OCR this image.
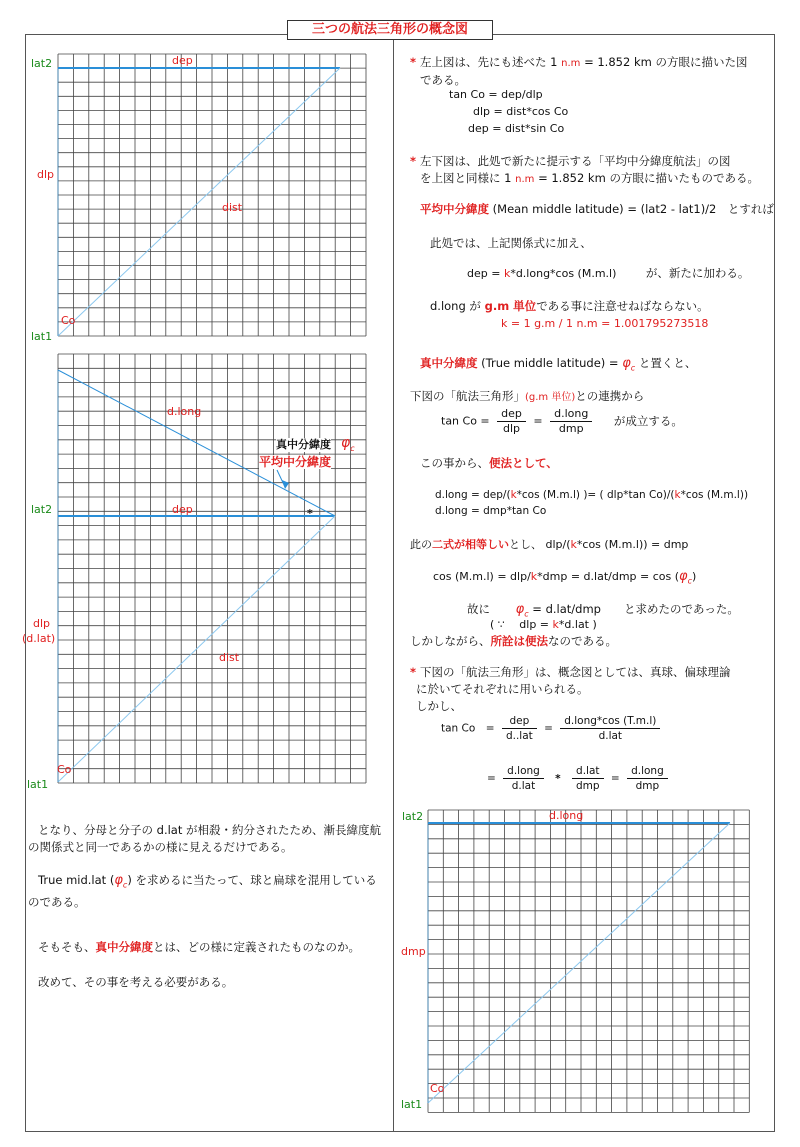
三つの航法三角形の概念図
lat2
lat1
dep
dlp
dist
Co
lat2
lat1
d.long
真中分緯度 $\varphi_c$
平均中分緯度
dep	*
dlp
(d.lat)
dist
Co
lat2
lat1
d.long
dmp
Co
* 左上図は、先にも述べた 1 n.m = 1.852 km の方眼に描いた図
である。
tan Co = dep/dlp
dlp = dist*cos Co
dep = dist*sin Co
* 左下図は、此処で新たに提示する「平均中分緯度航法」の図
を上図と同様に 1 n.m = 1.852 km の方眼に描いたものである。
平均中分緯度 (Mean middle latitude) = (lat2 - lat1)/2　とすれば
此処では、上記関係式に加え、
dep = k*d.long*cos (M.m.l)	が、新たに加わる。
d.long が g.m 単位である事に注意せねばならない。
k = 1 g.m / 1 n.m = 1.001795273518
真中分緯度 (True middle latitude) = $\varphi_c$ と置くと、
下図の「航法三角形」(g.m 単位)との連携から
$\tan Co = \frac{\text{dep}}{\text{dlp}} = \frac{\text{d.long}}{\text{dmp}}$ が成立する。
この事から、便法として、
d.long = dep/(k*cos (M.m.l) )= ( dlp*tan Co)/(k*cos (M.m.l))
d.long = dmp*tan Co
此の二式が相等しいとし、 dlp/(k*cos (M.m.l)) = dmp
$\cos (M.m.l) = dlp/k*dmp = d.lat/dmp = \cos (\varphi_c)$
故に $\varphi_c = d.lat/dmp$　　と求めたのであった。
( ∵　 dlp = k*d.lat )
しかしながら、所詮は便法なのである。
* 下図の「航法三角形」は、概念図としては、真球、偏球理論
に於いてそれぞれに用いられる。
しかし、
tan Co　= $\frac{\text{dep}}{\text{d..lat}} = \frac{\text{d.long*cos (T.m.l)}}{\text{d.lat}}$
= $\frac{\text{d.long}}{\text{d.lat}} * \frac{\text{d.lat}}{\text{dmp}} = \frac{\text{d.long}}{\text{dmp}}$
となり、分母と分子の d.lat が相殺・約分されたため、漸長緯度航
の関係式と同一であるかの様に見えるだけである。
True mid.lat $(\varphi_c)$ を求めるに当たって、球と扁球を混用している
のである。
そもそも、真中分緯度とは、どの様に定義されたものなのか。
改めて、その事を考える必要がある。
